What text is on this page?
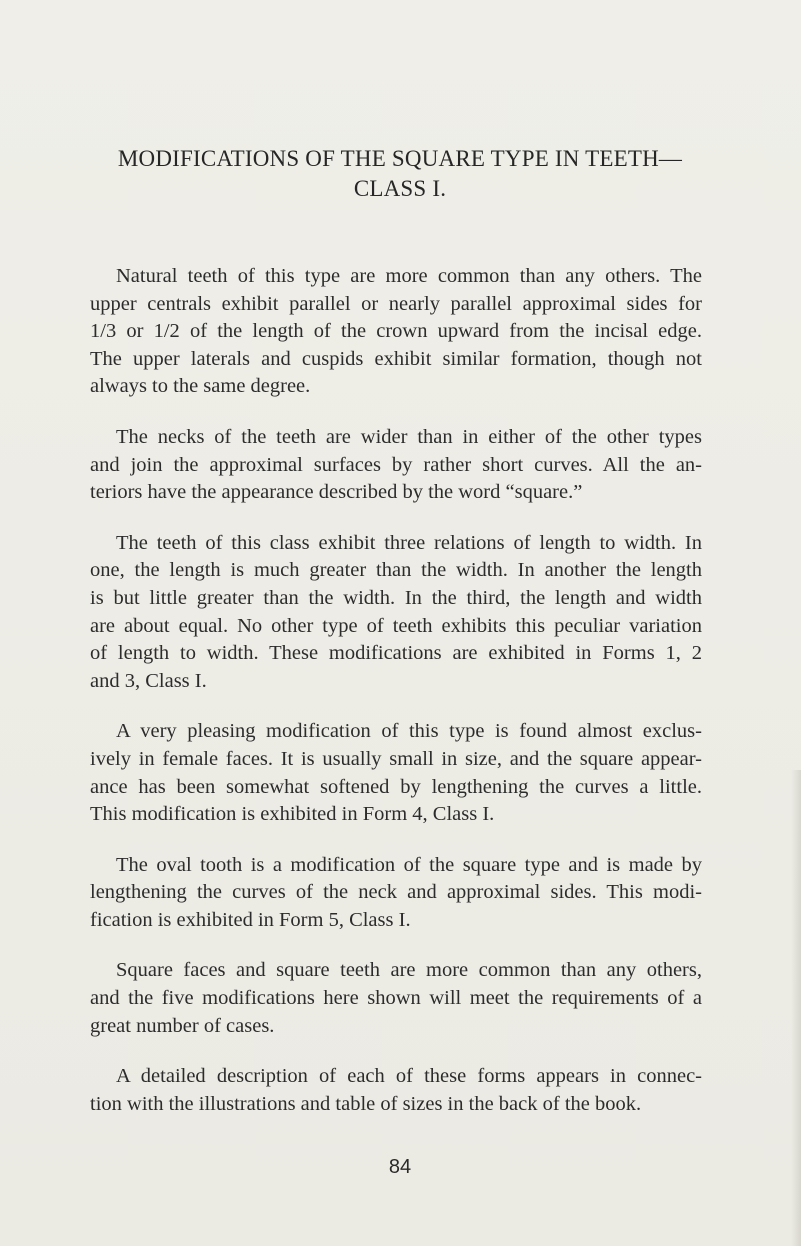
MODIFICATIONS OF THE SQUARE TYPE IN TEETH—
CLASS I.

Natural teeth of this type are more common than any others. The
upper centrals exhibit parallel or nearly parallel approximal sides for
1/3 or 1/2 of the length of the crown upward from the incisal edge.
The upper laterals and cuspids exhibit similar formation, though not
always to the same degree.

The necks of the teeth are wider than in either of the other types
and join the approximal surfaces by rather short curves. All the an-
teriors have the appearance described by the word “square.”

The teeth of this class exhibit three relations of length to width. In
one, the length is much greater than the width. In another the length
is but little greater than the width. In the third, the length and width
are about equal. No other type of teeth exhibits this peculiar variation
of length to width. These modifications are exhibited in Forms 1, 2
and 3, Class I.

A very pleasing modification of this type is found almost exclus-
ively in female faces. It is usually small in size, and the square appear-
ance has been somewhat softened by lengthening the curves a little.
This modification is exhibited in Form 4, Class I.

The oval tooth is a modification of the square type and is made by
lengthening the curves of the neck and approximal sides. This modi-
fication is exhibited in Form 5, Class I.

Square faces and square teeth are more common than any others,
and the five modifications here shown will meet the requirements of a
great number of cases.

A detailed description of each of these forms appears in connec-
tion with the illustrations and table of sizes in the back of the book.

84
